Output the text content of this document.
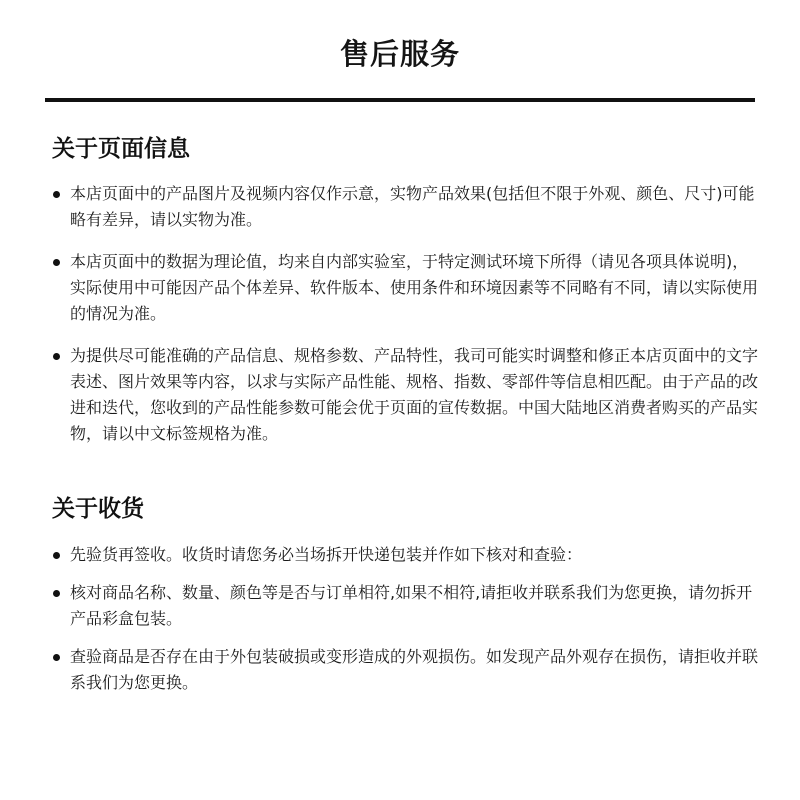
售后服务
关于页面信息
本店页面中的产品图片及视频内容仅作示意，实物产品效果(包括但不限于外观、颜色、尺寸)可能略有差异，请以实物为准。
本店页面中的数据为理论值，均来自内部实验室，于特定测试环境下所得（请见各项具体说明)，实际使用中可能因产品个体差异、软件版本、使用条件和环境因素等不同略有不同，请以实际使用的情况为准。
为提供尽可能准确的产品信息、规格参数、产品特性，我司可能实时调整和修正本店页面中的文字表述、图片效果等内容，以求与实际产品性能、规格、指数、零部件等信息相匹配。由于产品的改进和迭代，您收到的产品性能参数可能会优于页面的宣传数据。中国大陆地区消费者购买的产品实物，请以中文标签规格为准。
关于收货
先验货再签收。收货时请您务必当场拆开快递包装并作如下核对和查验：
核对商品名称、数量、颜色等是否与订单相符,如果不相符,请拒收并联系我们为您更换，请勿拆开产品彩盒包装。
查验商品是否存在由于外包装破损或变形造成的外观损伤。如发现产品外观存在损伤，请拒收并联系我们为您更换。
